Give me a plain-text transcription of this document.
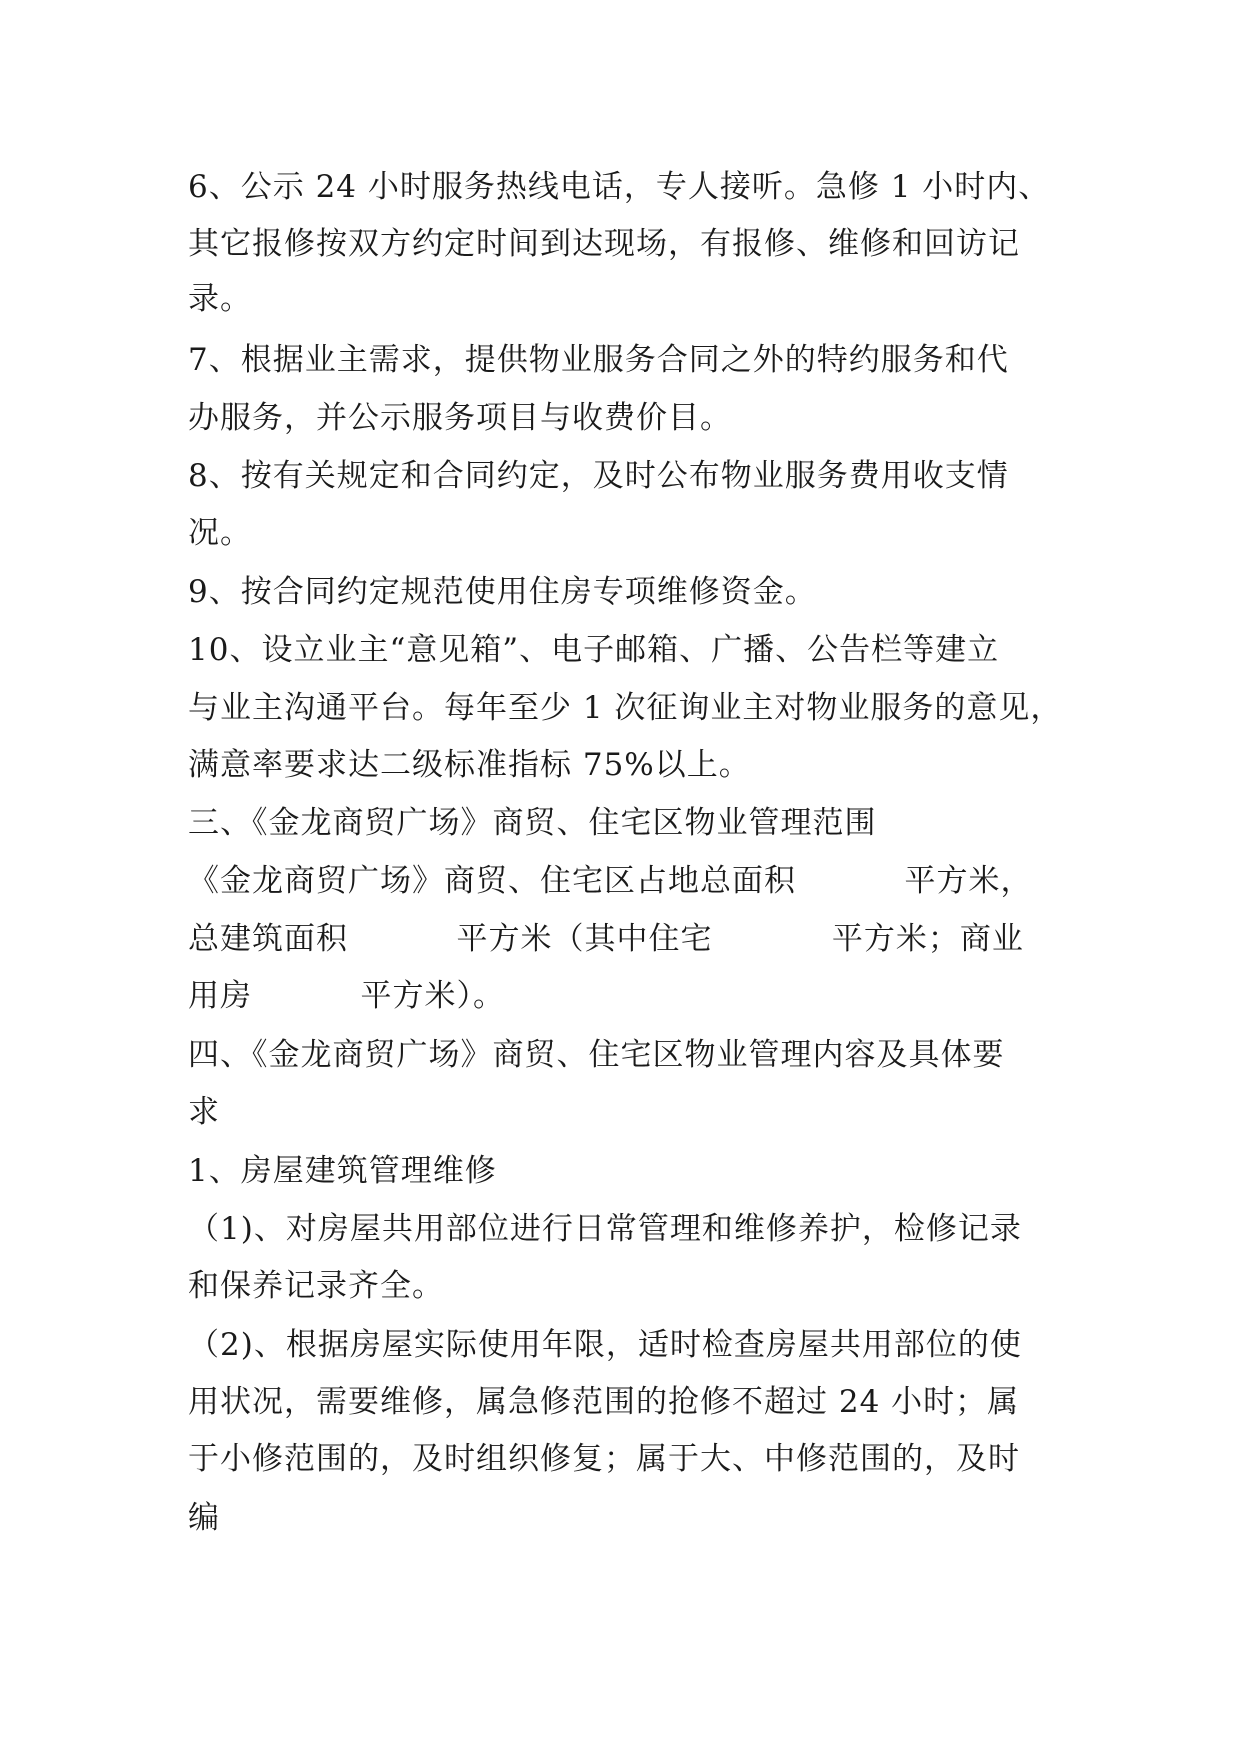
6、公示 24 小时服务热线电话，专人接听。急修 1 小时内、
其它报修按双方约定时间到达现场，有报修、维修和回访记
录。
7、根据业主需求，提供物业服务合同之外的特约服务和代
办服务，并公示服务项目与收费价目。
8、按有关规定和合同约定，及时公布物业服务费用收支情
况。
9、按合同约定规范使用住房专项维修资金。
10、设立业主“意见箱”、电子邮箱、广播、公告栏等建立
与业主沟通平台。每年至少 1 次征询业主对物业服务的意见，
满意率要求达二级标准指标 75%以上。
三、《金龙商贸广场》商贸、住宅区物业管理范围
《金龙商贸广场》商贸、住宅区占地总面积          平方米，
总建筑面积          平方米（其中住宅           平方米；商业
用房          平方米）。
四、《金龙商贸广场》商贸、住宅区物业管理内容及具体要
求
1、房屋建筑管理维修
（1)、对房屋共用部位进行日常管理和维修养护，检修记录
和保养记录齐全。
（2)、根据房屋实际使用年限，适时检查房屋共用部位的使
用状况，需要维修，属急修范围的抢修不超过 24 小时；属
于小修范围的，及时组织修复；属于大、中修范围的，及时
编
